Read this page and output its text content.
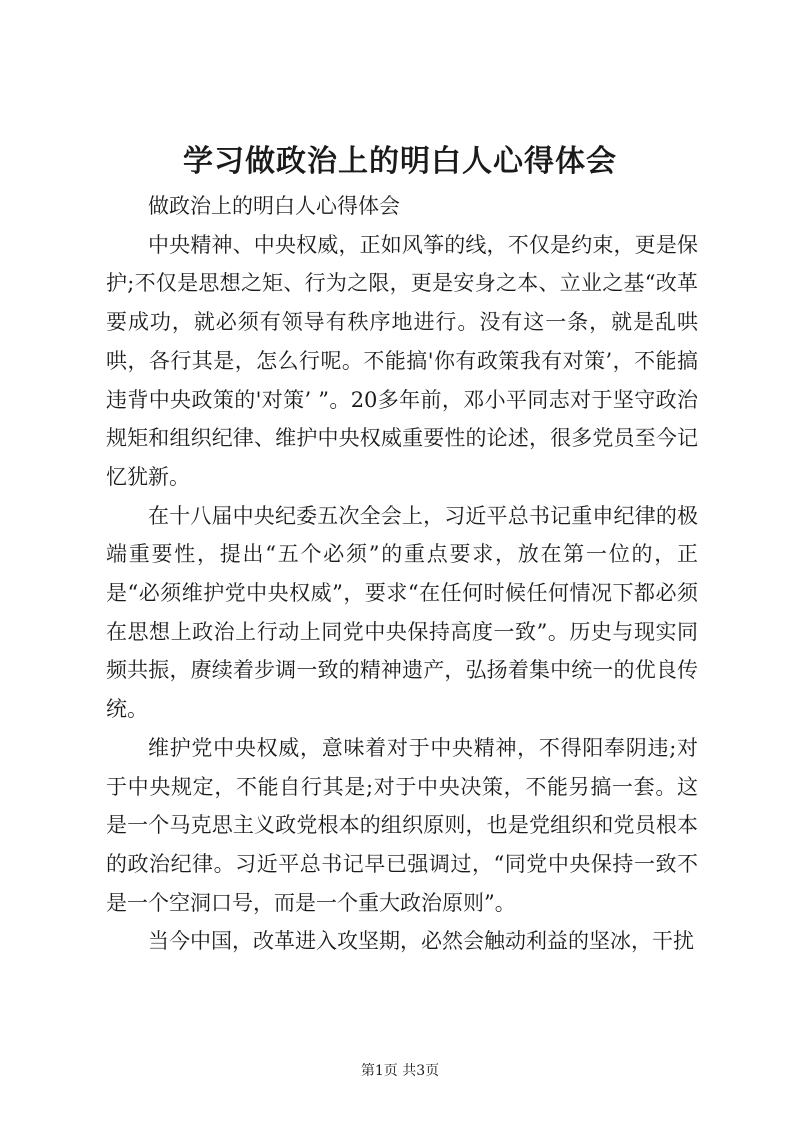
学习做政治上的明白人心得体会

做政治上的明白人心得体会

中央精神、中央权威，正如风筝的线，不仅是约束，更是保护;不仅是思想之矩、行为之限，更是安身之本、立业之基“改革要成功，就必须有领导有秩序地进行。没有这一条，就是乱哄哄，各行其是，怎么行呢。不能搞'你有政策我有对策’，不能搞违背中央政策的'对策’ ”。20多年前，邓小平同志对于坚守政治规矩和组织纪律、维护中央权威重要性的论述，很多党员至今记忆犹新。

在十八届中央纪委五次全会上，习近平总书记重申纪律的极端重要性，提出“五个必须”的重点要求，放在第一位的，正是“必须维护党中央权威”，要求“在任何时候任何情况下都必须在思想上政治上行动上同党中央保持高度一致”。历史与现实同频共振，赓续着步调一致的精神遗产，弘扬着集中统一的优良传统。

维护党中央权威，意味着对于中央精神，不得阳奉阴违;对于中央规定，不能自行其是;对于中央决策，不能另搞一套。这是一个马克思主义政党根本的组织原则，也是党组织和党员根本的政治纪律。习近平总书记早已强调过，“同党中央保持一致不是一个空洞口号，而是一个重大政治原则”。

当今中国，改革进入攻坚期，必然会触动利益的坚冰，干扰

第1页 共3页
